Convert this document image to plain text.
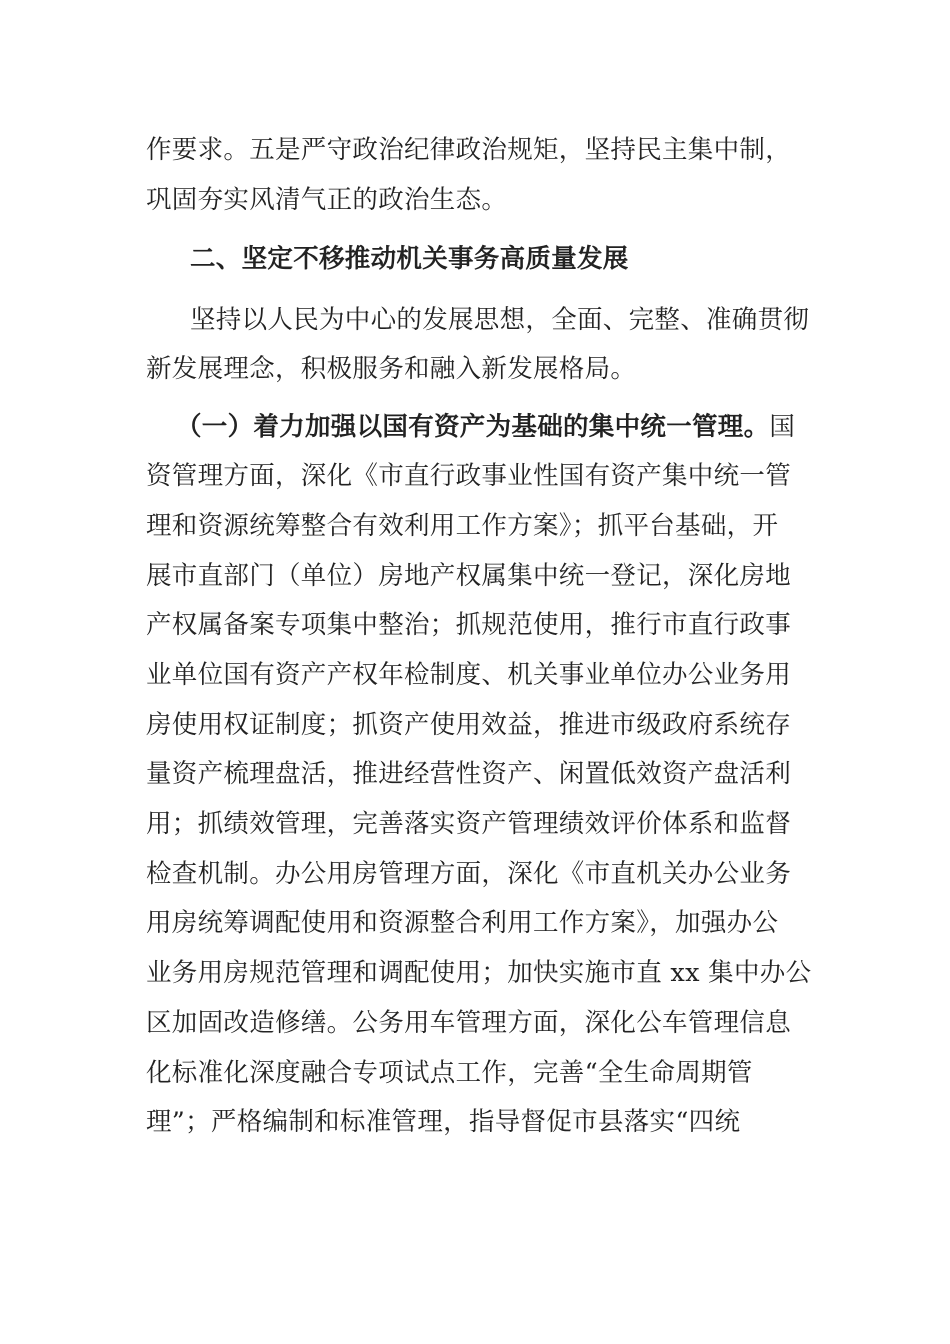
作要求。五是严守政治纪律政治规矩，坚持民主集中制，
巩固夯实风清气正的政治生态。
二、坚定不移推动机关事务高质量发展
坚持以人民为中心的发展思想，全面、完整、准确贯彻
新发展理念，积极服务和融入新发展格局。
（一）着力加强以国有资产为基础的集中统一管理。国
资管理方面，深化《市直行政事业性国有资产集中统一管
理和资源统筹整合有效利用工作方案》；抓平台基础，开
展市直部门（单位）房地产权属集中统一登记，深化房地
产权属备案专项集中整治；抓规范使用，推行市直行政事
业单位国有资产产权年检制度、机关事业单位办公业务用
房使用权证制度；抓资产使用效益，推进市级政府系统存
量资产梳理盘活，推进经营性资产、闲置低效资产盘活利
用；抓绩效管理，完善落实资产管理绩效评价体系和监督
检查机制。办公用房管理方面，深化《市直机关办公业务
用房统筹调配使用和资源整合利用工作方案》，加强办公
业务用房规范管理和调配使用；加快实施市直 xx 集中办公
区加固改造修缮。公务用车管理方面，深化公车管理信息
化标准化深度融合专项试点工作，完善“全生命周期管
理”；严格编制和标准管理，指导督促市县落实“四统
